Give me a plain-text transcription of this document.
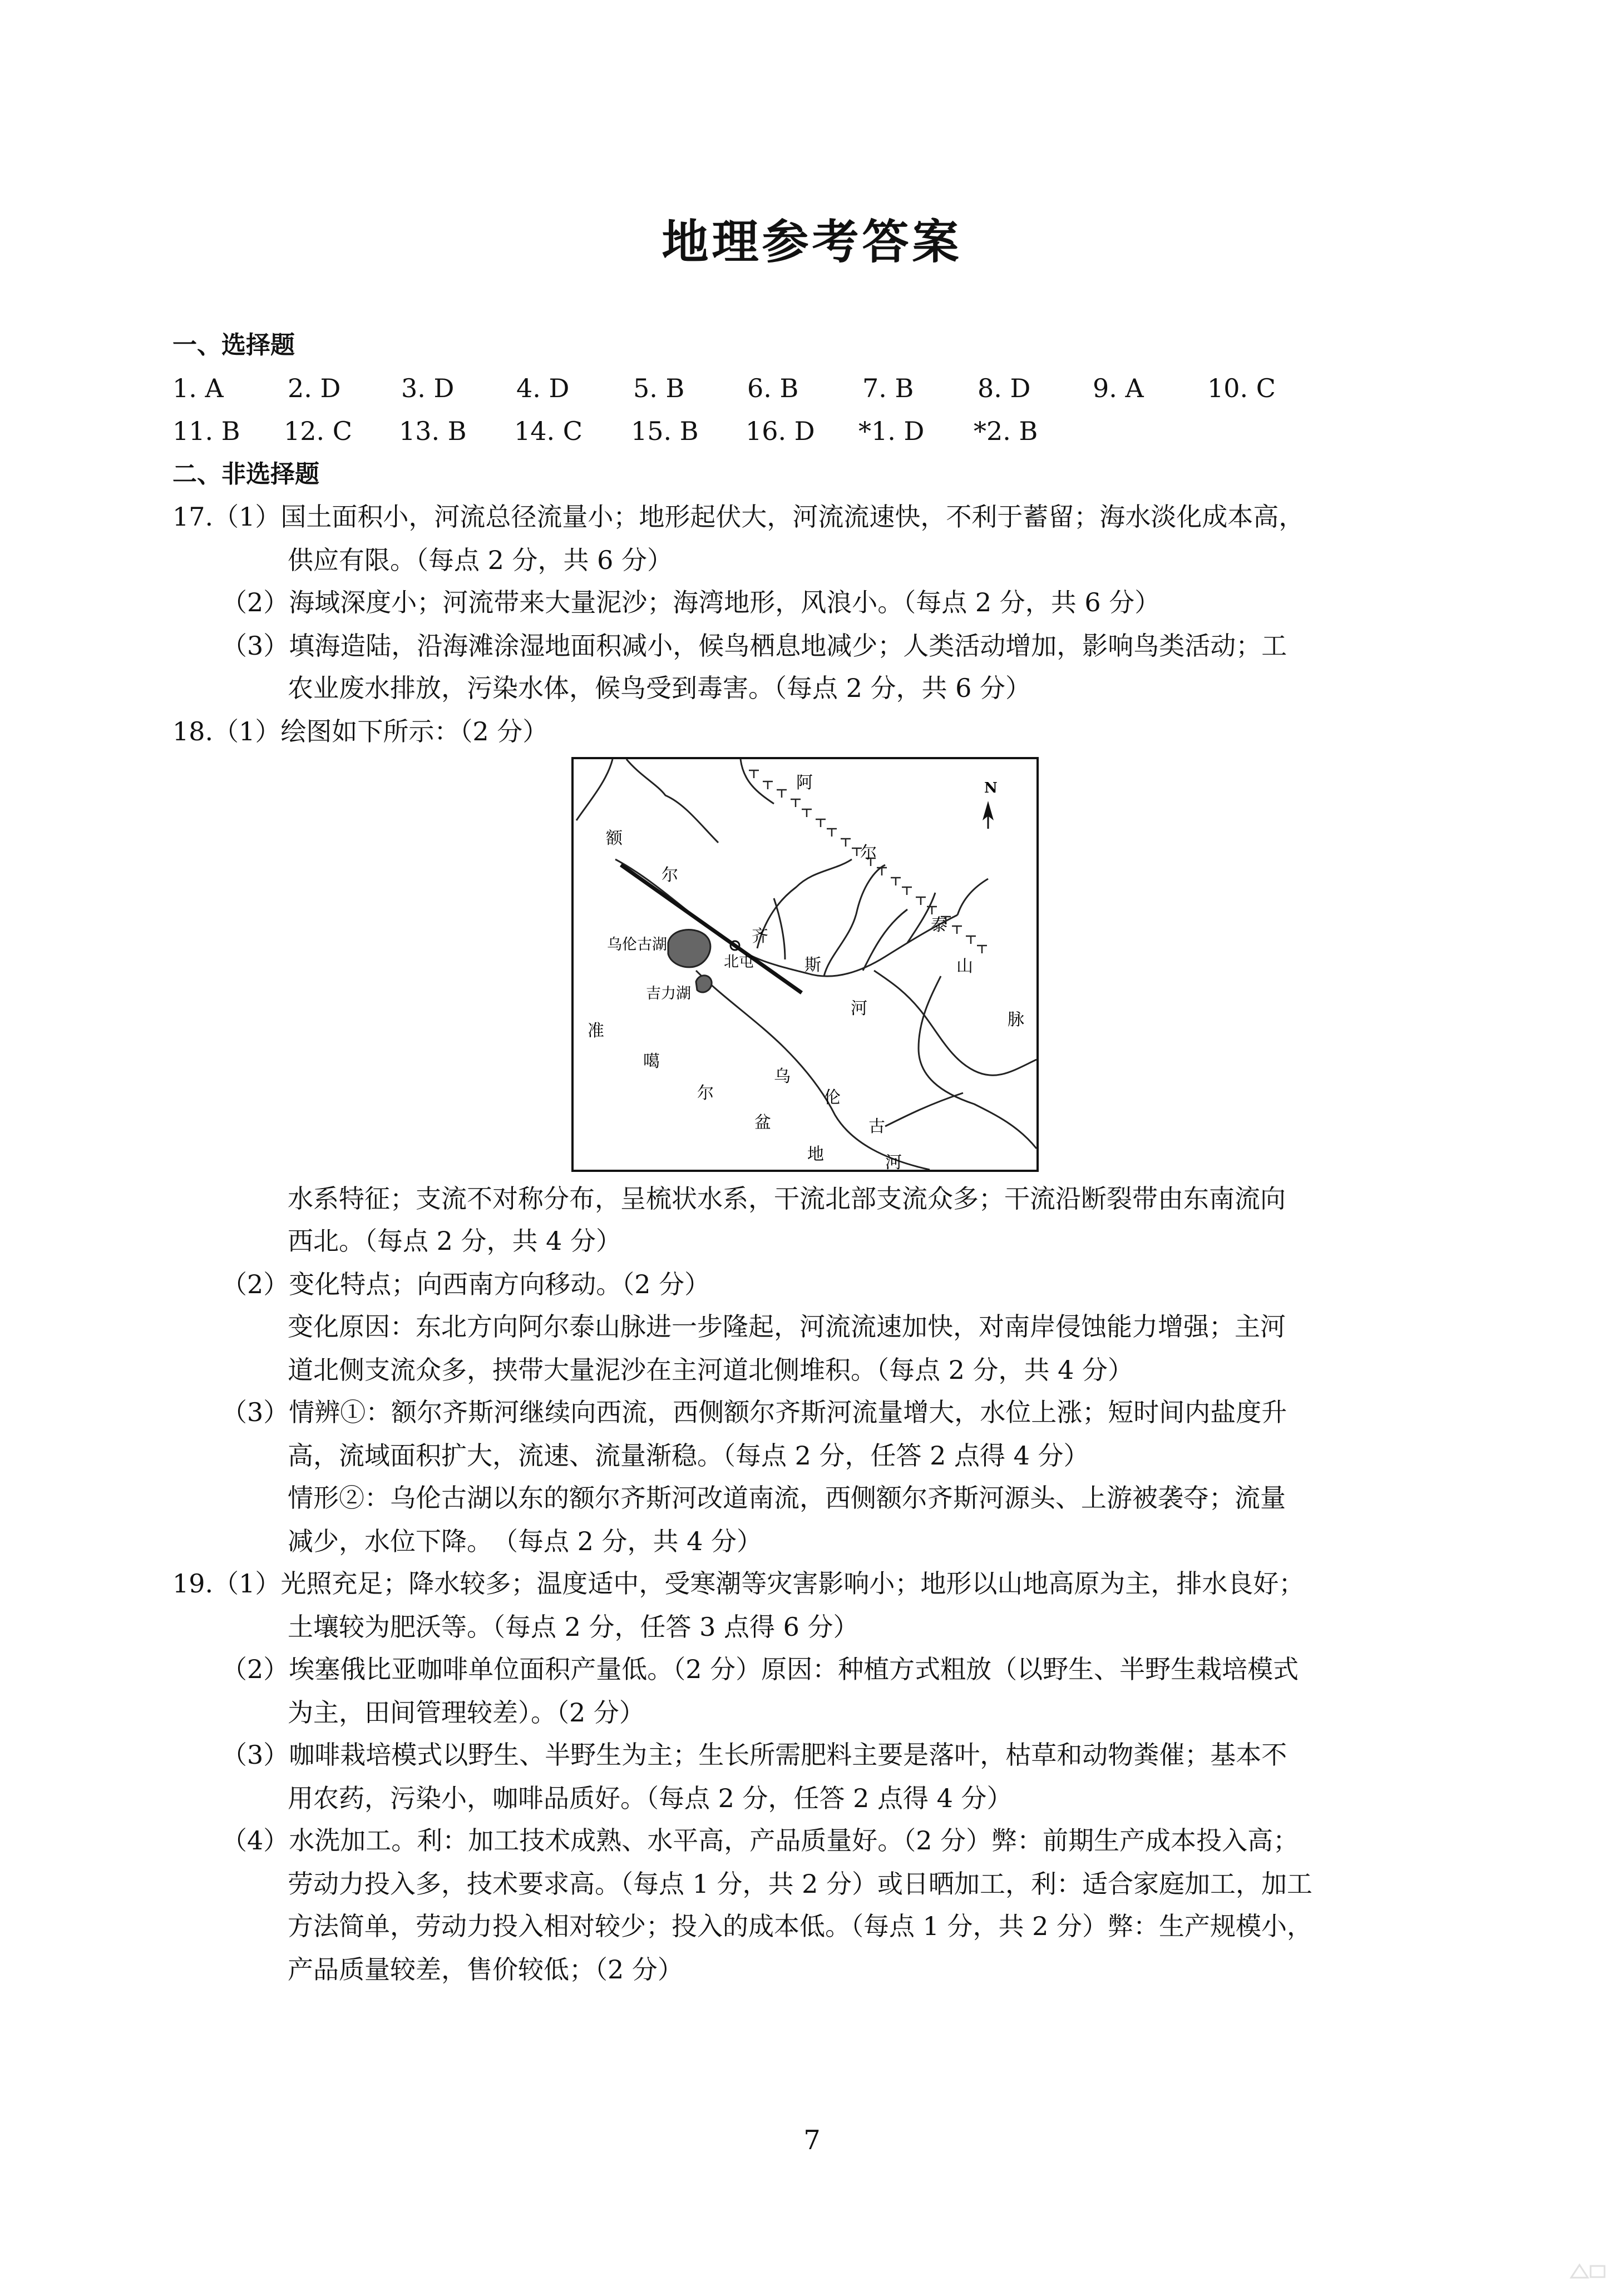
地理参考答案
一、选择题
1. A	2. D 3. D 4. D 5. B 6. B 7. B 8. D 9. A 10. C
11. B 12. C 13. B 14. C 15. B 16. D *1. D *2. B
二、非选择题
17.（1）国土面积小，河流总径流量小；地形起伏大，河流流速快，不利于蓄留；海水淡化成本高，
供应有限。（每点 2 分，共 6 分）
（2）海域深度小；河流带来大量泥沙；海湾地形，风浪小。（每点 2 分，共 6 分）
（3）填海造陆，沿海滩涂湿地面积减小，候鸟栖息地减少；人类活动增加，影响鸟类活动；工
农业废水排放，污染水体，候鸟受到毒害。（每点 2 分，共 6 分）
18.（1）绘图如下所示：（2 分）
N
额
尔
齐
斯
河
阿
尔
泰
山
脉
乌伦古湖
吉力湖
北屯
准
噶
尔
盆
地
乌
伦
古
河
水系特征；支流不对称分布，呈梳状水系，干流北部支流众多；干流沿断裂带由东南流向
西北。（每点 2 分，共 4 分）
（2）变化特点；向西南方向移动。（2 分）
变化原因：东北方向阿尔泰山脉进一步隆起，河流流速加快，对南岸侵蚀能力增强；主河
道北侧支流众多，挟带大量泥沙在主河道北侧堆积。（每点 2 分，共 4 分）
（3）情辨①：额尔齐斯河继续向西流，西侧额尔齐斯河流量增大，水位上涨；短时间内盐度升
高，流域面积扩大，流速、流量渐稳。（每点 2 分，任答 2 点得 4 分）
情形②：乌伦古湖以东的额尔齐斯河改道南流，西侧额尔齐斯河源头、上游被袭夺；流量
减少，水位下降。　（每点 2 分，共 4 分）
19.（1）光照充足；降水较多；温度适中，受寒潮等灾害影响小；地形以山地高原为主，排水良好；
土壤较为肥沃等。（每点 2 分，任答 3 点得 6 分）
（2）埃塞俄比亚咖啡单位面积产量低。（2 分）原因：种植方式粗放（以野生、半野生栽培模式
为主，田间管理较差）。（2 分）
（3）咖啡栽培模式以野生、半野生为主；生长所需肥料主要是落叶，枯草和动物粪催；基本不
用农药，污染小，咖啡品质好。（每点 2 分，任答 2 点得 4 分）
（4）水洗加工。利：加工技术成熟、水平高，产品质量好。（2 分）弊：前期生产成本投入高；
劳动力投入多，技术要求高。（每点 1 分，共 2 分）或日晒加工，利：适合家庭加工，加工
方法简单，劳动力投入相对较少；投入的成本低。（每点 1 分，共 2 分）弊：生产规模小，
产品质量较差，售价较低；（2 分）
7
